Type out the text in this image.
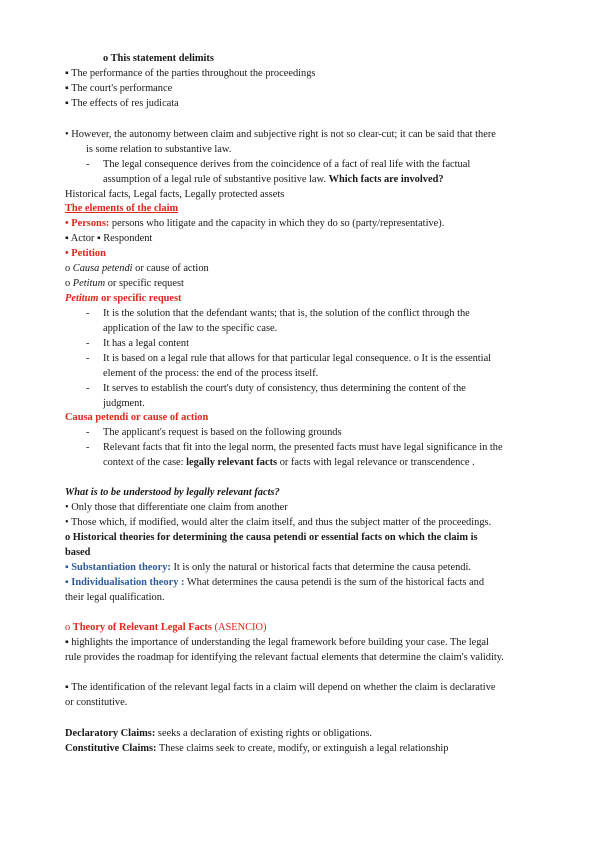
o This statement delimits
▪ The performance of the parties throughout the proceedings
▪ The court's performance
▪ The effects of res judicata
• However, the autonomy between claim and subjective right is not so clear-cut; it can be said that there
is some relation to substantive law.
- The legal consequence derives from the coincidence of a fact of real life with the factual
assumption of a legal rule of substantive positive law. Which facts are involved?
Historical facts, Legal facts, Legally protected assets
The elements of the claim
• Persons: persons who litigate and the capacity in which they do so (party/representative).
▪ Actor ▪ Respondent
• Petition
o Causa petendi or cause of action
o Petitum or specific request
Petitum or specific request
- It is the solution that the defendant wants; that is, the solution of the conflict through the
application of the law to the specific case.
- It has a legal content
- It is based on a legal rule that allows for that particular legal consequence. o It is the essential
element of the process: the end of the process itself.
- It serves to establish the court's duty of consistency, thus determining the content of the
judgment.
Causa petendi or cause of action
- The applicant's request is based on the following grounds
- Relevant facts that fit into the legal norm, the presented facts must have legal significance in the
context of the case: legally relevant facts or facts with legal relevance or transcendence .
What is to be understood by legally relevant facts?
• Only those that differentiate one claim from another
• Those which, if modified, would alter the claim itself, and thus the subject matter of the proceedings.
o Historical theories for determining the causa petendi or essential facts on which the claim is
based
▪ Substantiation theory: It is only the natural or historical facts that determine the causa petendi.
▪ Individualisation theory : What determines the causa petendi is the sum of the historical facts and
their legal qualification.
o Theory of Relevant Legal Facts (ASENCIO)
▪ highlights the importance of understanding the legal framework before building your case. The legal
rule provides the roadmap for identifying the relevant factual elements that determine the claim's validity.
▪ The identification of the relevant legal facts in a claim will depend on whether the claim is declarative
or constitutive.
Declaratory Claims: seeks a declaration of existing rights or obligations.
Constitutive Claims: These claims seek to create, modify, or extinguish a legal relationship
